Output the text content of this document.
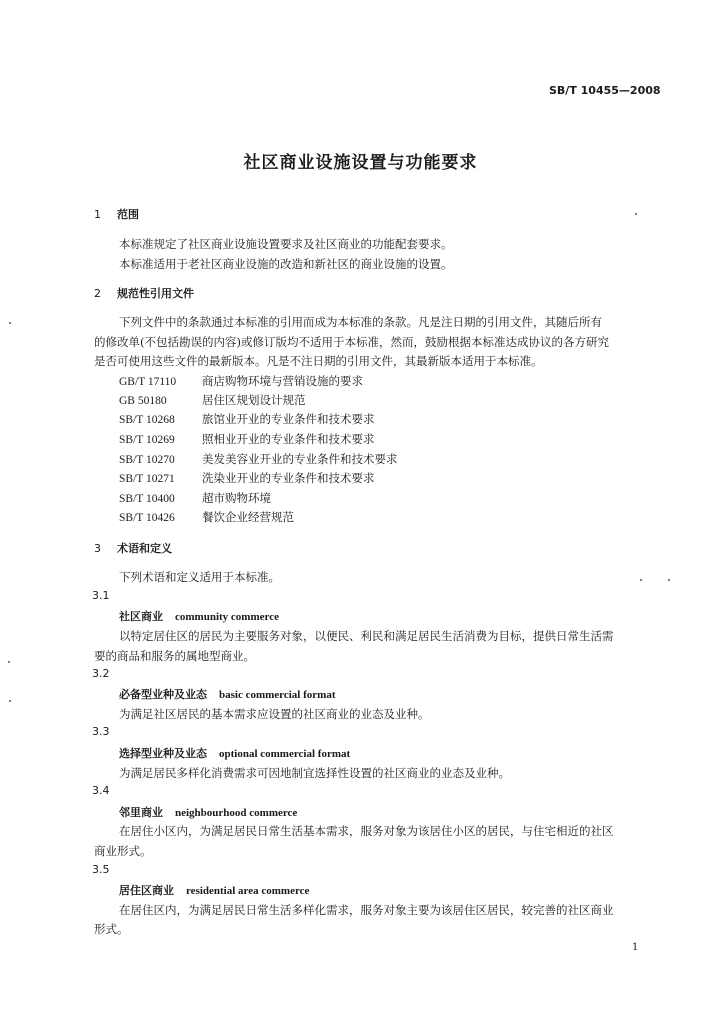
SB/T 10455—2008
社区商业设施设置与功能要求
1 范围
本标准规定了社区商业设施设置要求及社区商业的功能配套要求。
本标准适用于老社区商业设施的改造和新社区的商业设施的设置。
2 规范性引用文件
下列文件中的条款通过本标准的引用而成为本标准的条款。凡是注日期的引用文件，其随后所有
的修改单(不包括勘误的内容)或修订版均不适用于本标准，然而，鼓励根据本标准达成协议的各方研究
是否可使用这些文件的最新版本。凡是不注日期的引用文件，其最新版本适用于本标准。
GB/T 17110 商店购物环境与营销设施的要求
GB 50180	居住区规划设计规范
SB/T 10268 旅馆业开业的专业条件和技术要求
SB/T 10269 照相业开业的专业条件和技术要求
SB/T 10270 美发美容业开业的专业条件和技术要求
SB/T 10271 洗染业开业的专业条件和技术要求
SB/T 10400 超市购物环境
SB/T 10426 餐饮企业经营规范
3 术语和定义
下列术语和定义适用于本标准。
3.1
社区商业 community commerce
以特定居住区的居民为主要服务对象，以便民、利民和满足居民生活消费为目标，提供日常生活需
要的商品和服务的属地型商业。
3.2
必备型业种及业态 basic commercial format
为满足社区居民的基本需求应设置的社区商业的业态及业种。
3.3
选择型业种及业态 optional commercial format
为满足居民多样化消费需求可因地制宜选择性设置的社区商业的业态及业种。
3.4
邻里商业 neighbourhood commerce
在居住小区内，为满足居民日常生活基本需求，服务对象为该居住小区的居民，与住宅相近的社区
商业形式。
3.5
居住区商业 residential area commerce
在居住区内，为满足居民日常生活多样化需求，服务对象主要为该居住区居民，较完善的社区商业
形式。
1
